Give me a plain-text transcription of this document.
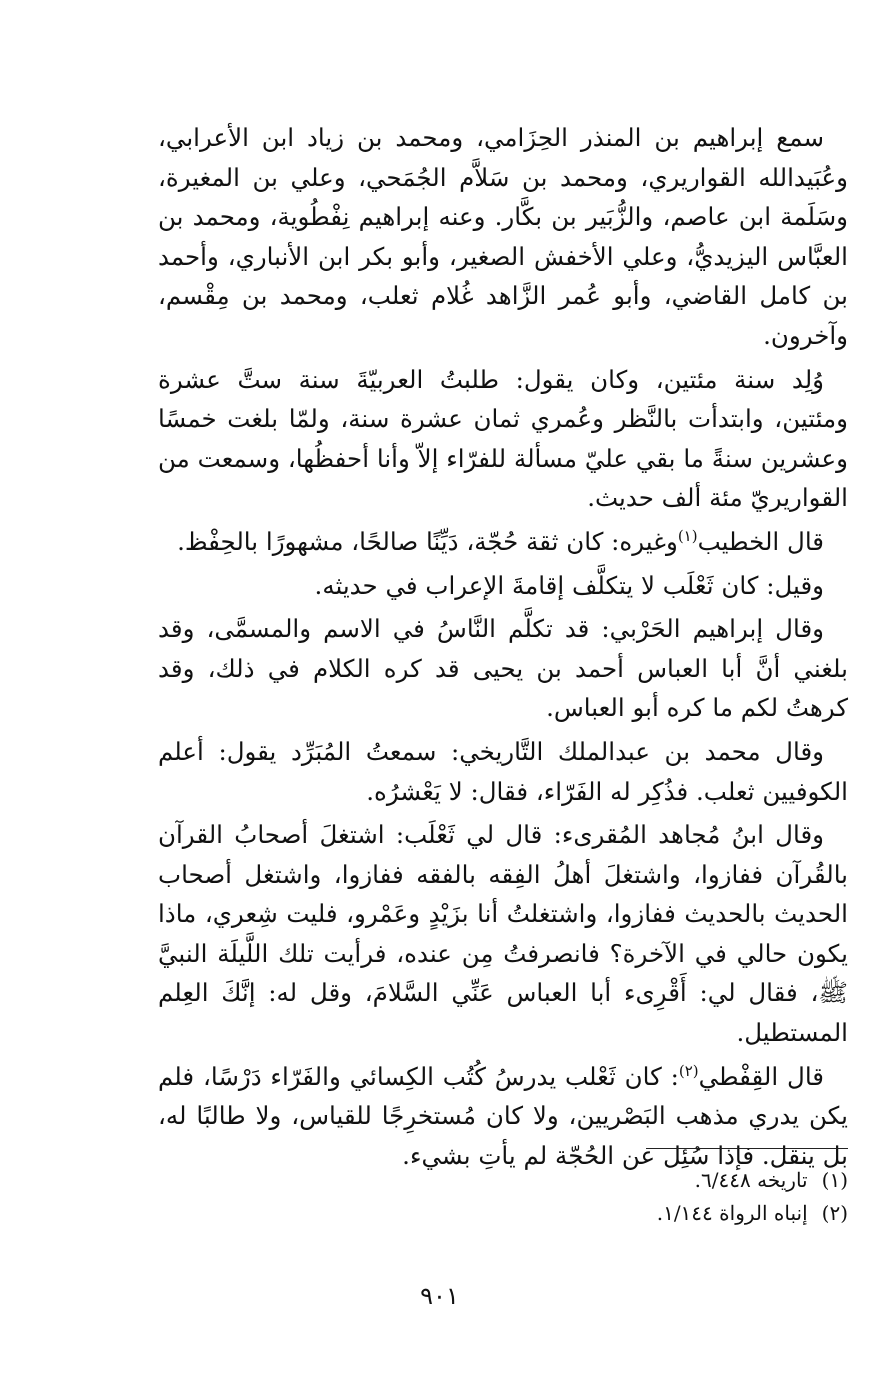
سمع إبراهيم بن المنذر الحِزَامي، ومحمد بن زياد ابن الأعرابي، وعُبَيدالله القواريري، ومحمد بن سَلاَّم الجُمَحي، وعلي بن المغيرة، وسَلَمة ابن عاصم، والزُّبَير بن بكَّار. وعنه إبراهيم نِفْطُوية، ومحمد بن العبَّاس اليزيديُّ، وعلي الأخفش الصغير، وأبو بكر ابن الأنباري، وأحمد بن كامل القاضي، وأبو عُمر الزَّاهد غُلام ثعلب، ومحمد بن مِقْسم، وآخرون.

وُلِد سنة مئتين، وكان يقول: طلبتُ العربيّةَ سنة ستَّ عشرة ومئتين، وابتدأت بالنَّظر وعُمري ثمان عشرة سنة، ولمّا بلغت خمسًا وعشرين سنةً ما بقي عليّ مسألة للفرّاء إلاّ وأنا أحفظُها، وسمعت من القواريريّ مئة ألف حديث.

قال الخطيب$^{(١)}$وغيره: كان ثقة حُجّة، دَيِّنًا صالحًا، مشهورًا بالحِفْظ.

وقيل: كان ثَعْلَب لا يتكلَّف إقامةَ الإعراب في حديثه.

وقال إبراهيم الحَرْبي: قد تكلَّم النَّاسُ في الاسم والمسمَّى، وقد بلغني أنَّ أبا العباس أحمد بن يحيى قد كره الكلام في ذلك، وقد كرهتُ لكم ما كره أبو العباس.

وقال محمد بن عبدالملك التَّاريخي: سمعتُ المُبَرِّد يقول: أعلم الكوفيين ثعلب. فذُكِر له الفَرّاء، فقال: لا يَعْشرُه.

وقال ابنُ مُجاهد المُقرىء: قال لي ثَعْلَب: اشتغلَ أصحابُ القرآن بالقُرآن ففازوا، واشتغلَ أهلُ الفِقه بالفقه ففازوا، واشتغل أصحاب الحديث بالحديث ففازوا، واشتغلتُ أنا بزَيْدٍ وعَمْرو، فليت شِعري، ماذا يكون حالي في الآخرة؟ فانصرفتُ مِن عنده، فرأيت تلك اللَّيلَة النبيَّ ﷺ، فقال لي: أَقْرِىء أبا العباس عَنِّي السَّلامَ، وقل له: إنَّكَ العِلم المستطيل.

قال القِفْطي$^{(٢)}$: كان ثَعْلب يدرسُ كُتُب الكِسائي والفَرّاء دَرْسًا، فلم يكن يدري مذهب البَصْريين، ولا كان مُستخرِجًا للقياس، ولا طالبًا له، بل ينقل. فإذا سُئِل عن الحُجّة لم يأتِ بشيء.

(١)تاريخه ٦/٤٤٨.

(٢)إنباه الرواة ١/١٤٤.

٩٠١
